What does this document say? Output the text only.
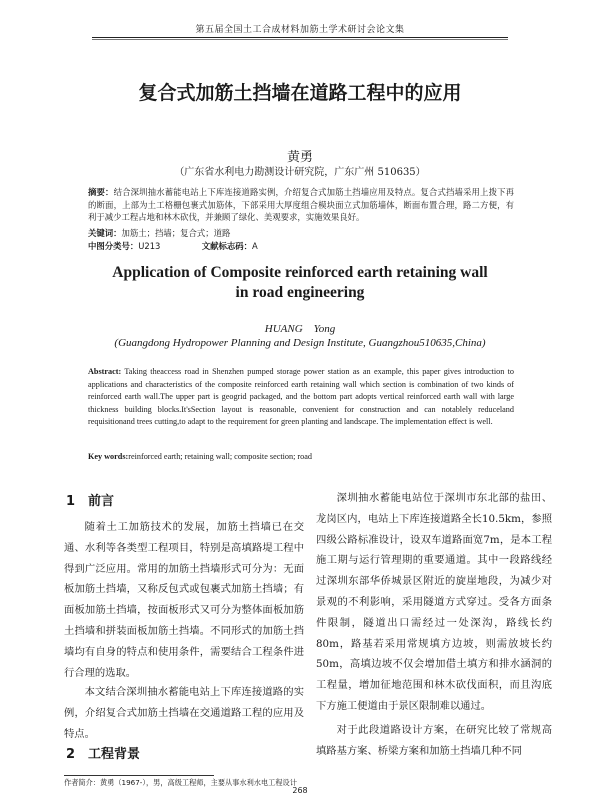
第五届全国土工合成材料加筋土学术研讨会论文集
复合式加筋土挡墙在道路工程中的应用
黄勇
（广东省水利电力勘测设计研究院，广东广州 510635）
摘要：结合深圳抽水蓄能电站上下库连接道路实例，介绍复合式加筋土挡墙应用及特点。复合式挡墙采用上拨下再的断面，上部为土工格栅包裹式加筋体，下部采用大厚度组合模块面立式加筋墙体，断面布置合理，路二方便，有利于减少工程占地和林木砍伐，并兼顾了绿化、美观要求，实施效果良好。
关键词：加筋土；挡墙；复合式；道路
中图分类号：U213	文献标志码：A
Application of Composite reinforced earth retaining wall
in road engineering
HUANG    Yong
(Guangdong Hydropower Planning and Design Institute, Guangzhou510635,China)
Abstract: Taking theaccess road in Shenzhen pumped storage power station as an example, this paper gives introduction to applications and characteristics of the composite reinforced earth retaining wall which section is combination of two kinds of reinforced earth wall.The upper part is geogrid packaged, and the bottom part adopts vertical reinforced earth wall with large thickness building blocks.It'sSection layout is reasonable, convenient for construction and can notablely reduceland requisitionand trees cutting,to adapt to the requirement for green planting and landscape. The implementation effect is well.
Key words:reinforced earth; retaining wall; composite section; road
1 前言
随着土工加筋技术的发展，加筋土挡墙已在交通、水利等各类型工程项目，特别是高填路堤工程中得到广泛应用。常用的加筋土挡墙形式可分为：无面板加筋土挡墙，又称反包式或包裹式加筋土挡墙；有面板加筋土挡墙，按面板形式又可分为整体面板加筋土挡墙和拼装面板加筋土挡墙。不同形式的加筋土挡墙均有自身的特点和使用条件，需要结合工程条件进行合理的选取。
本文结合深圳抽水蓄能电站上下库连接道路的实例，介绍复合式加筋土挡墙在交通道路工程的应用及特点。
2 工程背景
深圳抽水蓄能电站位于深圳市东北部的盐田、龙岗区内，电站上下库连接道路全长10.5km，参照四级公路标准设计，设双车道路面宽7m，是本工程施工期与运行管理期的重要通道。其中一段路线经过深圳东部华侨城景区附近的旋崖地段，为减少对景观的不利影响，采用隧道方式穿过。受各方面条件限制，隧道出口需经过一处深沟，路线长约80m，路基若采用常规填方边坡，则需放坡长约50m，高填边坡不仅会增加借土填方和排水涵洞的工程量，增加征地范围和林木砍伐面积，而且沟底下方施工便道由于景区限制难以通过。
对于此段道路设计方案，在研究比较了常规高填路基方案、桥梁方案和加筋土挡墙几种不同
作者简介：黄勇（1967-），男，高级工程师，主要从事水利水电工程设计
268
